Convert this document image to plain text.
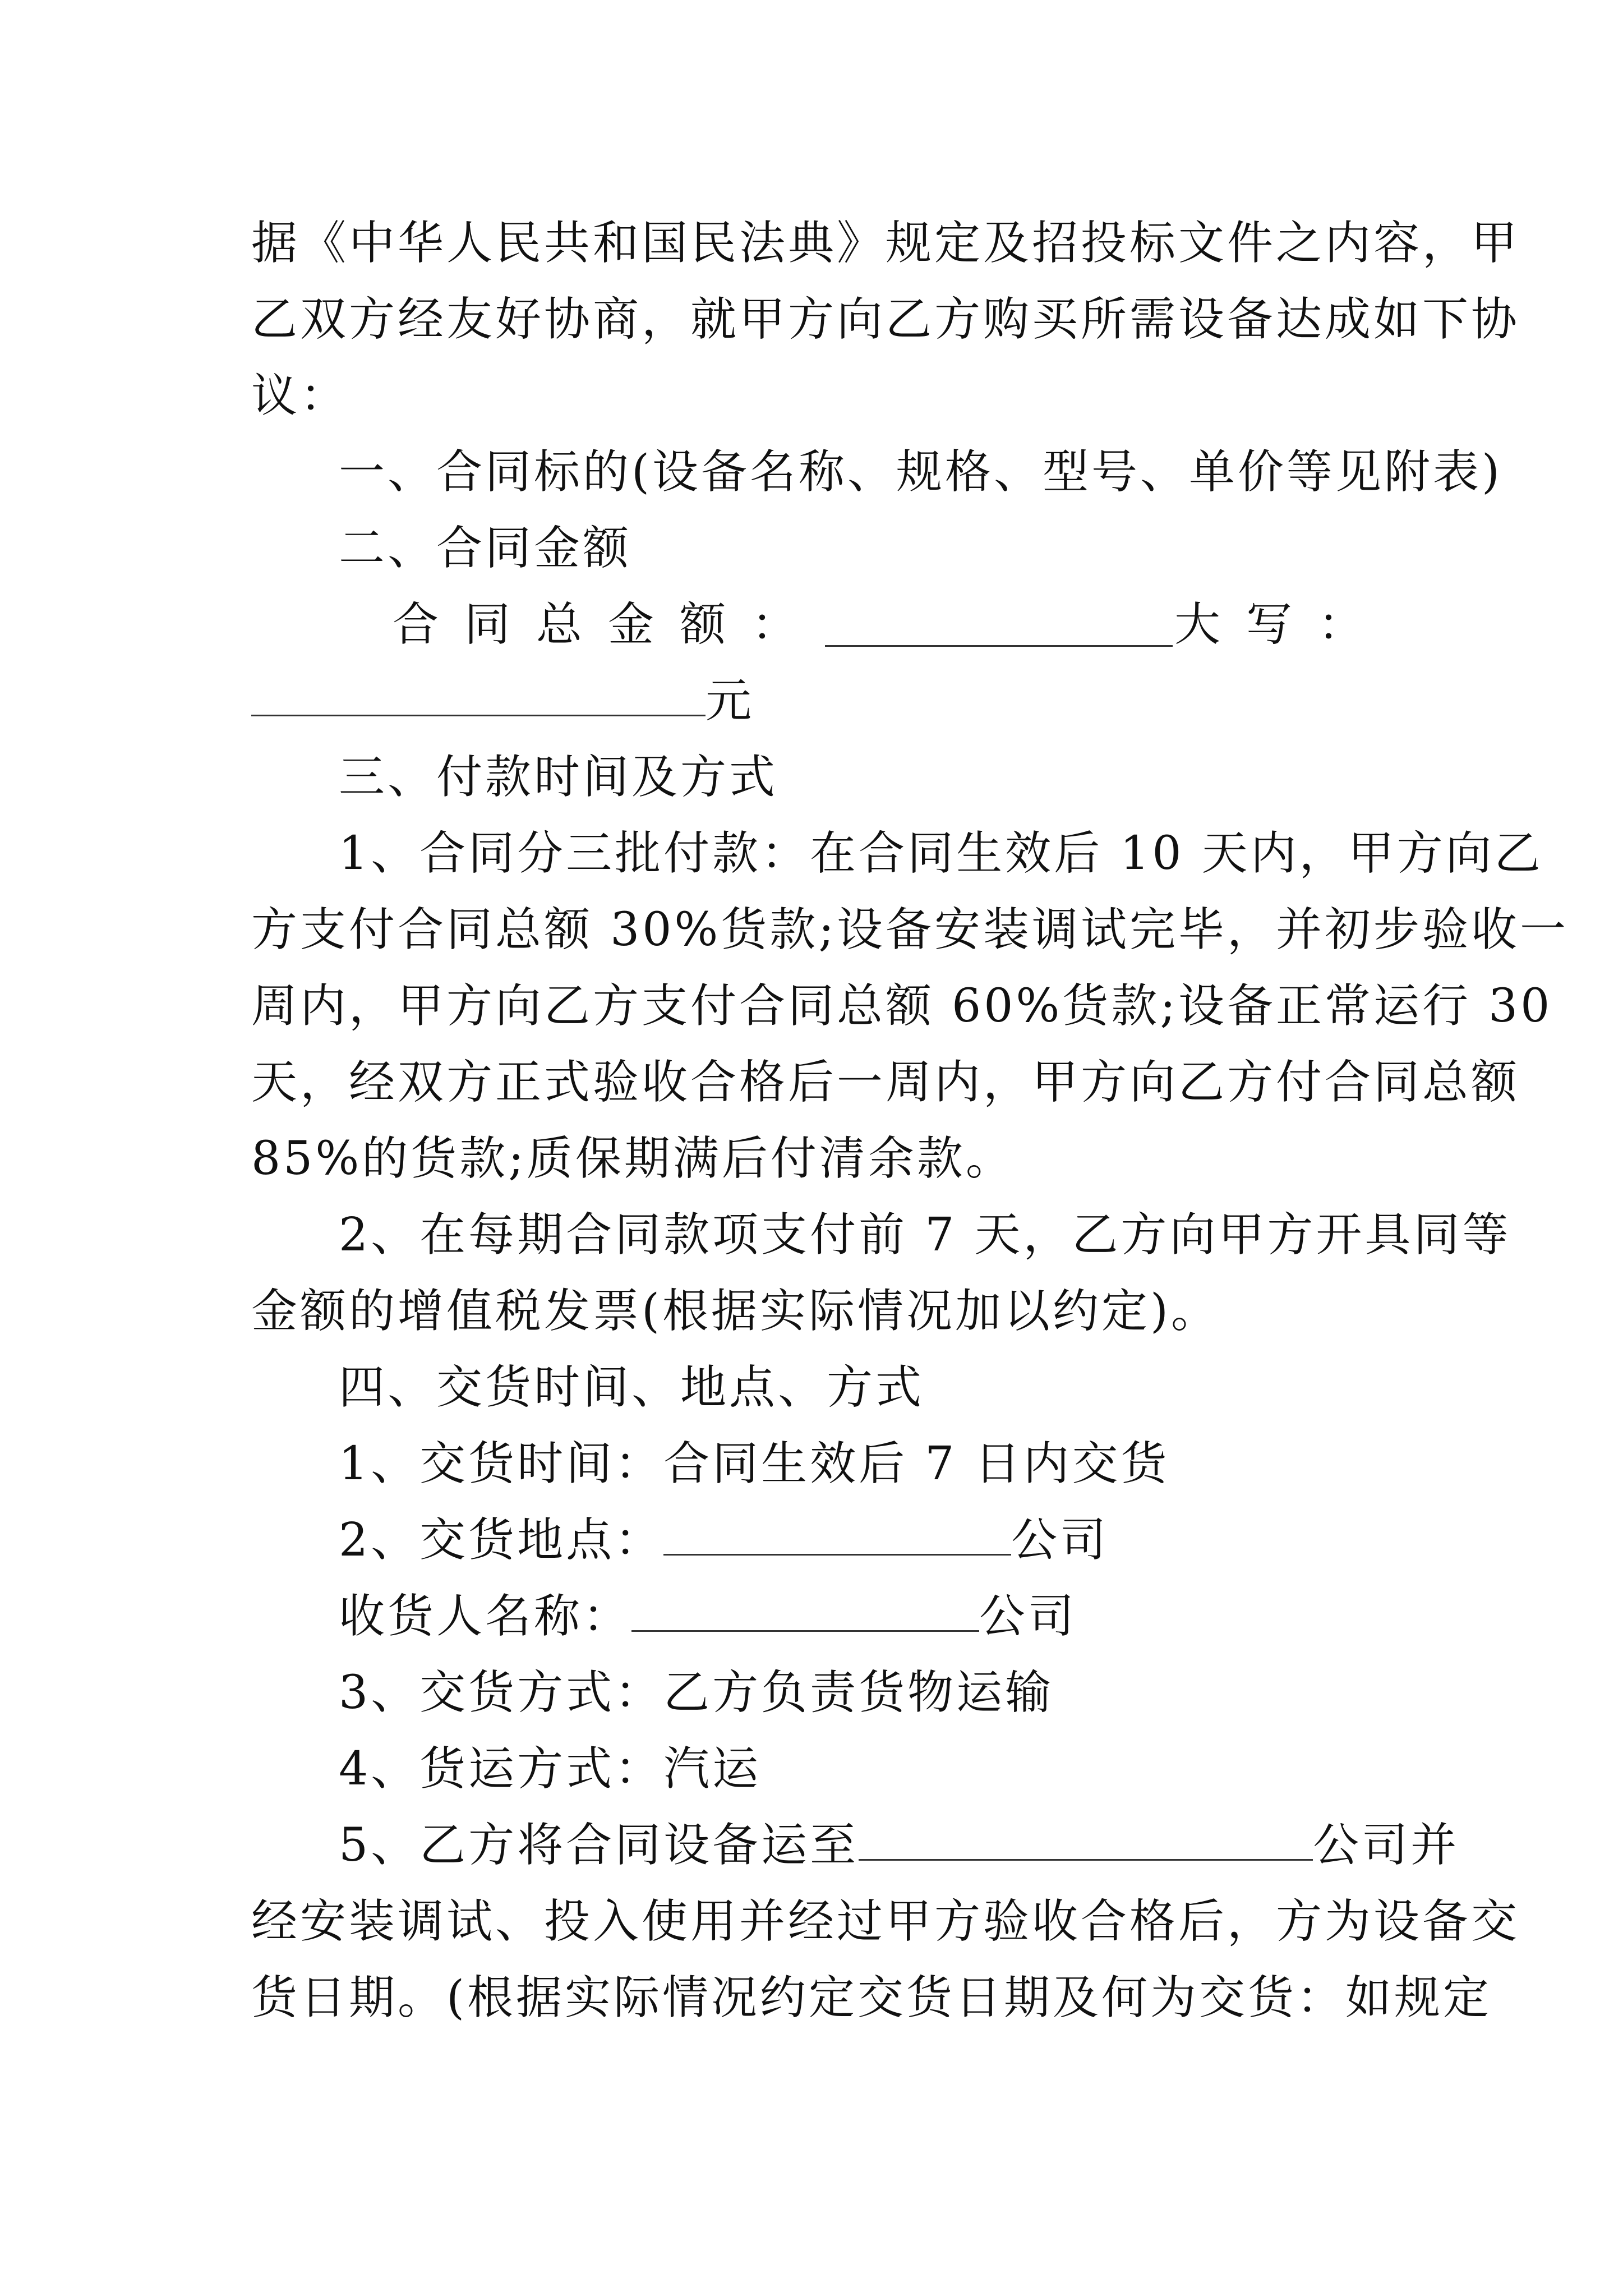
据《中华人民共和国民法典》规定及招投标文件之内容，甲
乙双方经友好协商，就甲方向乙方购买所需设备达成如下协
议：
一、合同标的(设备名称、规格、型号、单价等见附表)
二、合同金额
合同总金额：	大写：
元
三、付款时间及方式
1、合同分三批付款：在合同生效后 10 天内，甲方向乙
方支付合同总额 30%货款;设备安装调试完毕，并初步验收一
周内，甲方向乙方支付合同总额 60%货款;设备正常运行 30
天，经双方正式验收合格后一周内，甲方向乙方付合同总额
85%的货款;质保期满后付清余款。
2、在每期合同款项支付前 7 天，乙方向甲方开具同等
金额的增值税发票(根据实际情况加以约定)。
四、交货时间、地点、方式
1、交货时间：合同生效后 7 日内交货
2、交货地点：	公司
收货人名称：	公司
3、交货方式：乙方负责货物运输
4、货运方式：汽运
5、乙方将合同设备运至	公司并
经安装调试、投入使用并经过甲方验收合格后，方为设备交
货日期。(根据实际情况约定交货日期及何为交货：如规定
